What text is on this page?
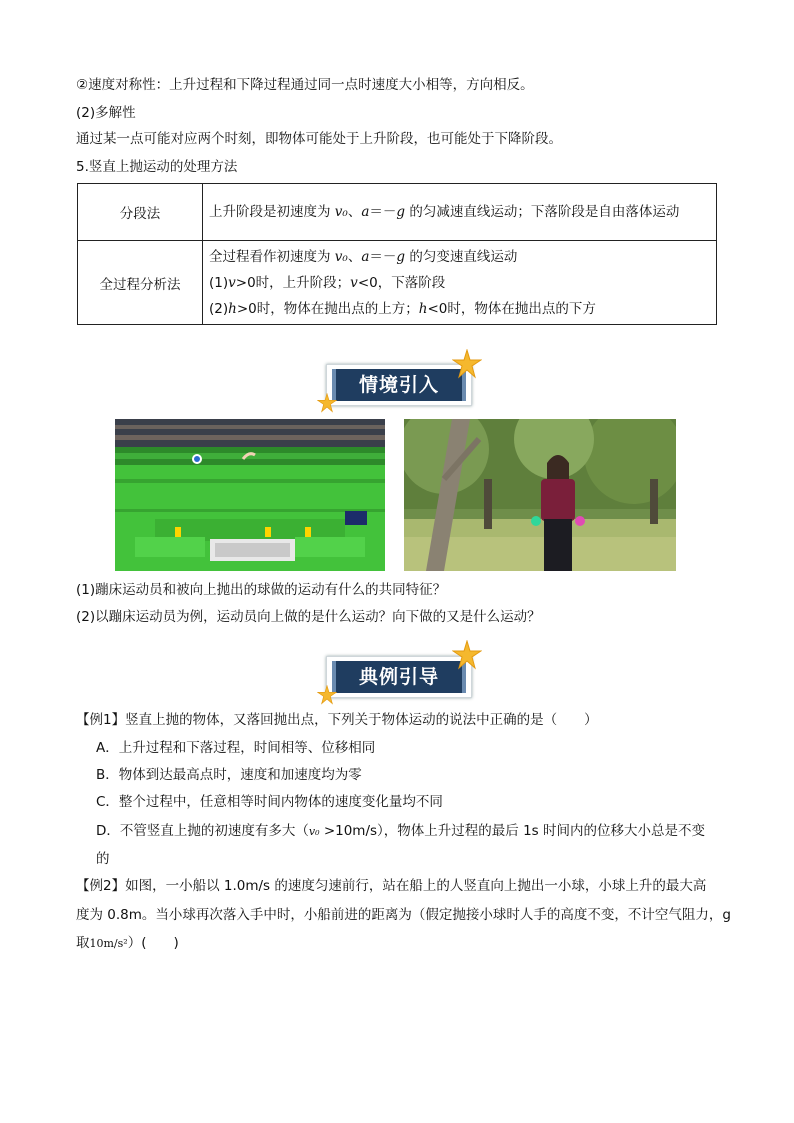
②速度对称性：上升过程和下降过程通过同一点时速度大小相等，方向相反。
(2)多解性
通过某一点可能对应两个时刻，即物体可能处于上升阶段，也可能处于下降阶段。
5.竖直上抛运动的处理方法
分段法	上升阶段是初速度为 v₀、a＝－g 的匀减速直线运动；下落阶段是自由落体运动

全过程分析法	全过程看作初速度为 v₀、a＝－g 的匀变速直线运动
(1)v>0时，上升阶段；v<0，下落阶段
(2)h>0时，物体在抛出点的上方；h<0时，物体在抛出点的下方
情境引入
(1)蹦床运动员和被向上抛出的球做的运动有什么的共同特征？
(2)以蹦床运动员为例，运动员向上做的是什么运动？向下做的又是什么运动？
典例引导
【例1】竖直上抛的物体，又落回抛出点，下列关于物体运动的说法中正确的是（　　）
A．上升过程和下落过程，时间相等、位移相同
B．物体到达最高点时，速度和加速度均为零
C．整个过程中，任意相等时间内物体的速度变化量均不同
D．不管竖直上抛的初速度有多大（v₀ >10m/s），物体上升过程的最后 1s 时间内的位移大小总是不变
的
【例2】如图，一小船以 1.0m/s 的速度匀速前行，站在船上的人竖直向上抛出一小球，小球上升的最大高
度为 0.8m。当小球再次落入手中时，小船前进的距离为（假定抛接小球时人手的高度不变，不计空气阻力，g
取10m/s²）(　　)
